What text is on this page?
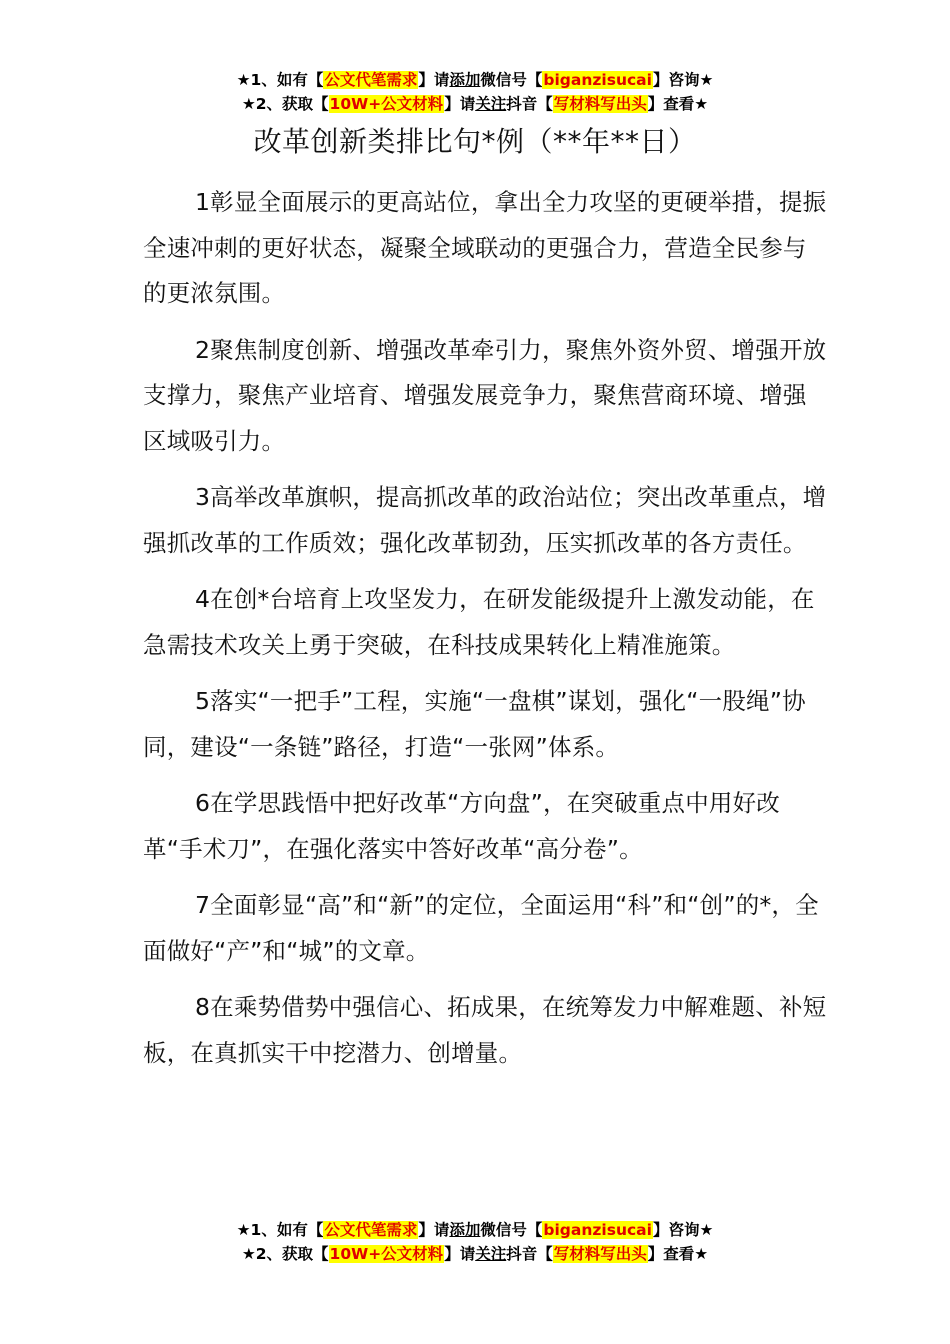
★1、如有【公文代笔需求】请添加微信号【biganzisucai】咨询★
★2、获取【10W+公文材料】请关注抖音【写材料写出头】查看★
改革创新类排比句*例（**年**日）

1彰显全面展示的更高站位，拿出全力攻坚的更硬举措，提振全速冲刺的更好状态，凝聚全域联动的更强合力，营造全民参与的更浓氛围。

2聚焦制度创新、增强改革牵引力，聚焦外资外贸、增强开放支撑力，聚焦产业培育、增强发展竞争力，聚焦营商环境、增强区域吸引力。

3高举改革旗帜，提高抓改革的政治站位；突出改革重点，增强抓改革的工作质效；强化改革韧劲，压实抓改革的各方责任。

4在创*台培育上攻坚发力，在研发能级提升上激发动能，在急需技术攻关上勇于突破，在科技成果转化上精准施策。

5落实“一把手”工程，实施“一盘棋”谋划，强化“一股绳”协同，建设“一条链”路径，打造“一张网”体系。

6在学思践悟中把好改革“方向盘”，在突破重点中用好改革“手术刀”，在强化落实中答好改革“高分卷”。

7全面彰显“高”和“新”的定位，全面运用“科”和“创”的*，全面做好“产”和“城”的文章。

8在乘势借势中强信心、拓成果，在统筹发力中解难题、补短板，在真抓实干中挖潜力、创增量。

★1、如有【公文代笔需求】请添加微信号【biganzisucai】咨询★
★2、获取【10W+公文材料】请关注抖音【写材料写出头】查看★
